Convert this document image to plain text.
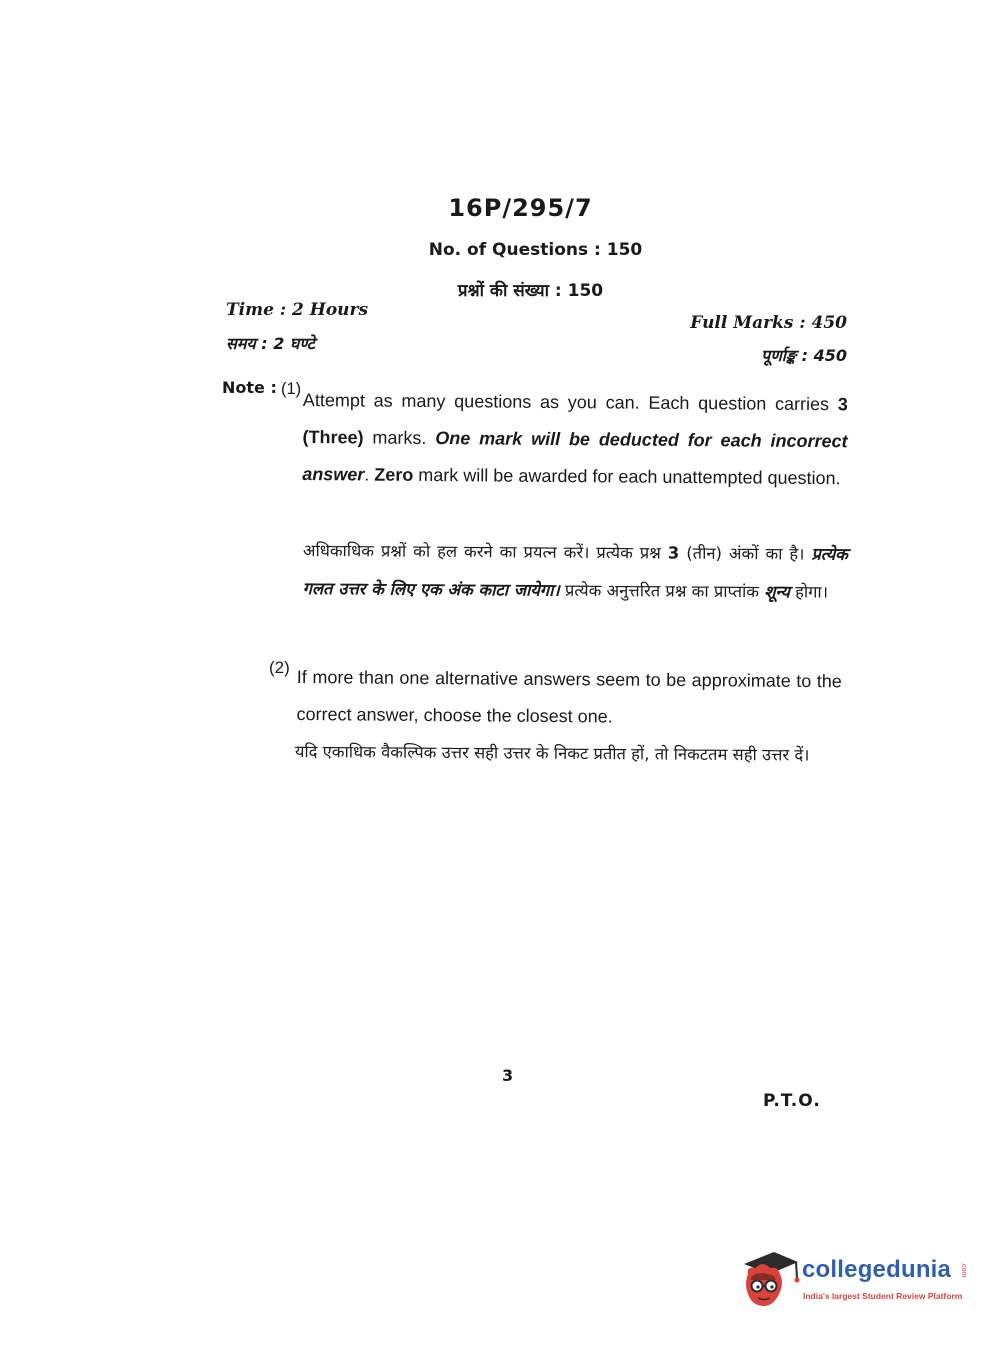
16P/295/7
No. of Questions : 150
प्रश्नों की संख्या : 150
Time : 2 Hours
समय : 2 घण्टे
Full Marks : 450
पूर्णाङ्क : 450
Note : (1)
Attempt as many questions as you can. Each question carries 3 (Three) marks. One mark will be deducted for each incorrect answer. Zero mark will be awarded for each unattempted question.
अधिकाधिक प्रश्नों को हल करने का प्रयत्न करें। प्रत्येक प्रश्न 3 (तीन) अंकों का है। प्रत्येक गलत उत्तर के लिए एक अंक काटा जायेगा। प्रत्येक अनुत्तरित प्रश्न का प्राप्तांक शून्य होगा।
(2) If more than one alternative answers seem to be approximate to the correct answer, choose the closest one.
यदि एकाधिक वैकल्पिक उत्तर सही उत्तर के निकट प्रतीत हों, तो निकटतम सही उत्तर दें।
3
P.T.O.
collegedunia .com
India's largest Student Review Platform
